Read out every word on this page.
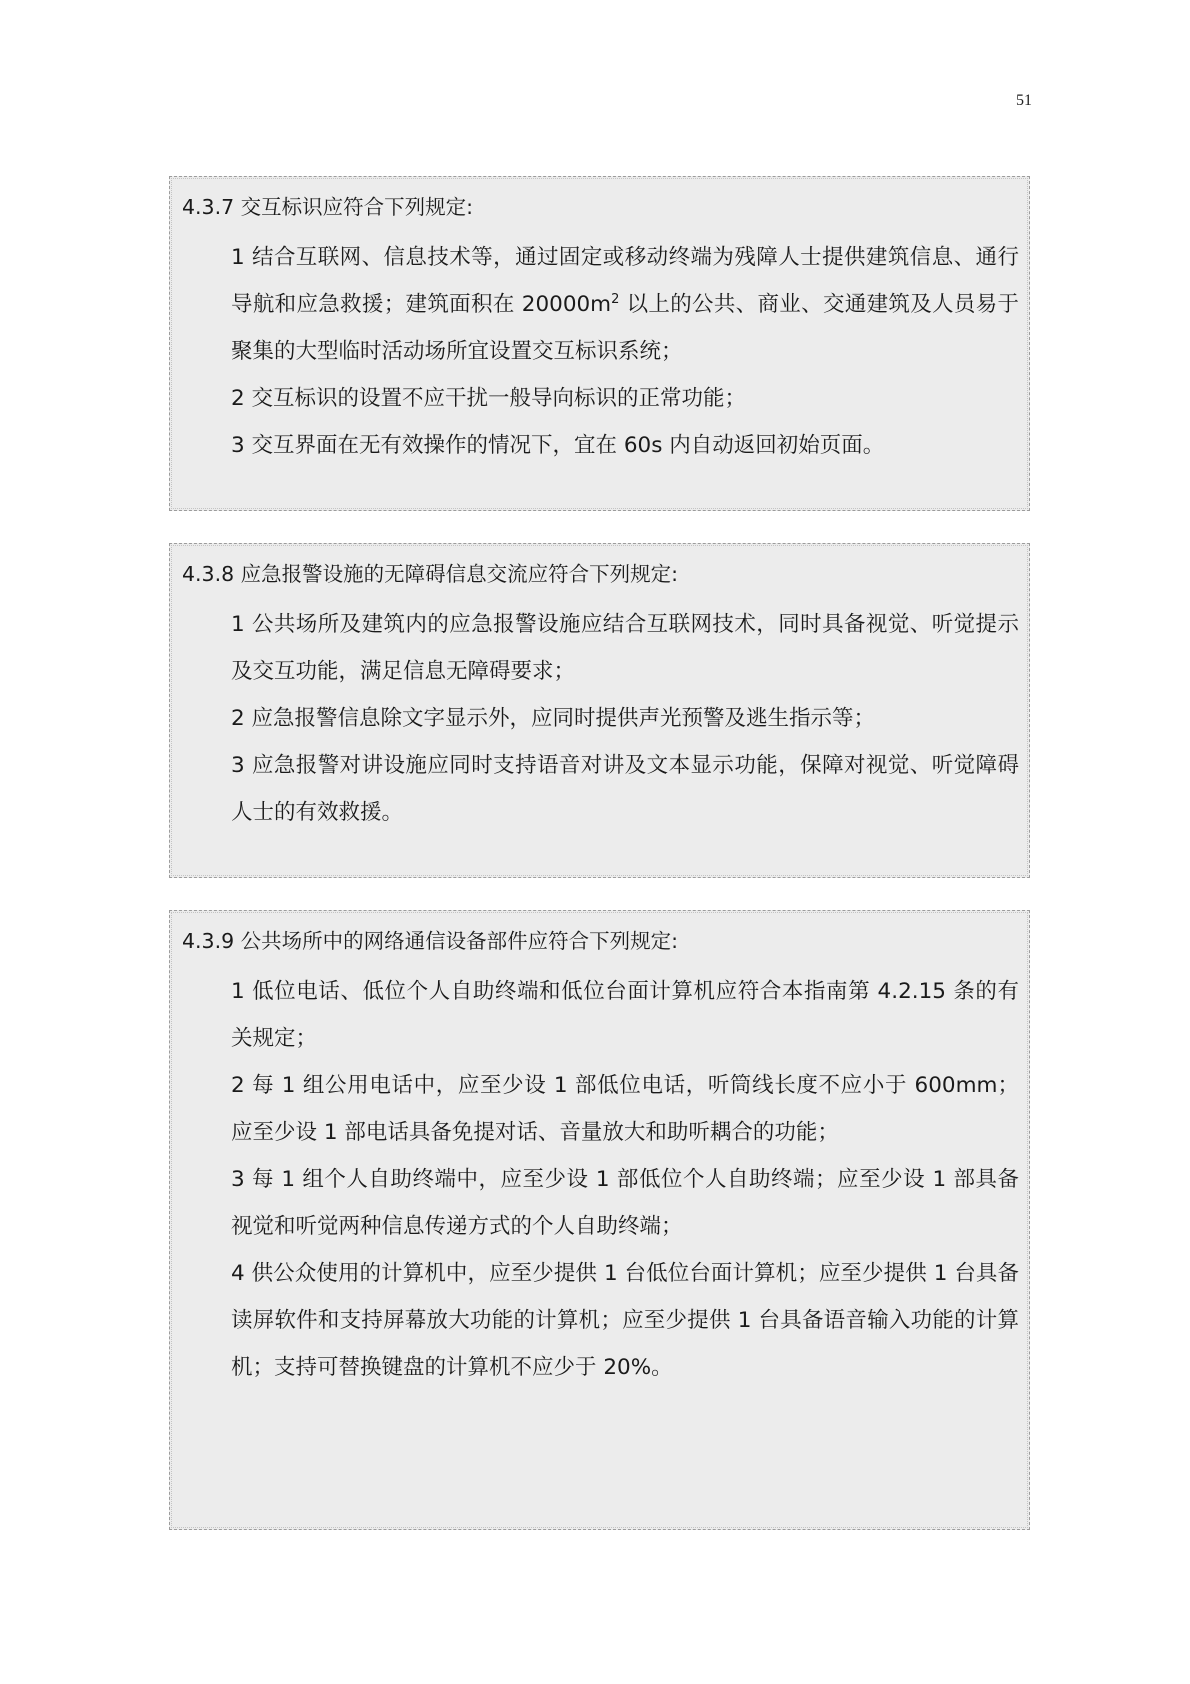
51
4.3.7 交互标识应符合下列规定:

1 结合互联网、信息技术等，通过固定或移动终端为残障人士提供建筑信息、通行导航和应急救援；建筑面积在 $20000m^2$ 以上的公共、商业、交通建筑及人员易于聚集的大型临时活动场所宜设置交互标识系统；

2 交互标识的设置不应干扰一般导向标识的正常功能；

3 交互界面在无有效操作的情况下，宜在 60s 内自动返回初始页面。

4.3.8 应急报警设施的无障碍信息交流应符合下列规定:

1 公共场所及建筑内的应急报警设施应结合互联网技术，同时具备视觉、听觉提示及交互功能，满足信息无障碍要求；

2 应急报警信息除文字显示外，应同时提供声光预警及逃生指示等；

3 应急报警对讲设施应同时支持语音对讲及文本显示功能，保障对视觉、听觉障碍人士的有效救援。

4.3.9 公共场所中的网络通信设备部件应符合下列规定:

1 低位电话、低位个人自助终端和低位台面计算机应符合本指南第 4.2.15 条的有关规定；

2 每 1 组公用电话中，应至少设 1 部低位电话，听筒线长度不应小于 600mm；应至少设 1 部电话具备免提对话、音量放大和助听耦合的功能；

3 每 1 组个人自助终端中，应至少设 1 部低位个人自助终端；应至少设 1 部具备视觉和听觉两种信息传递方式的个人自助终端；

4 供公众使用的计算机中，应至少提供 1 台低位台面计算机；应至少提供 1 台具备读屏软件和支持屏幕放大功能的计算机；应至少提供 1 台具备语音输入功能的计算机；支持可替换键盘的计算机不应少于 20%。
